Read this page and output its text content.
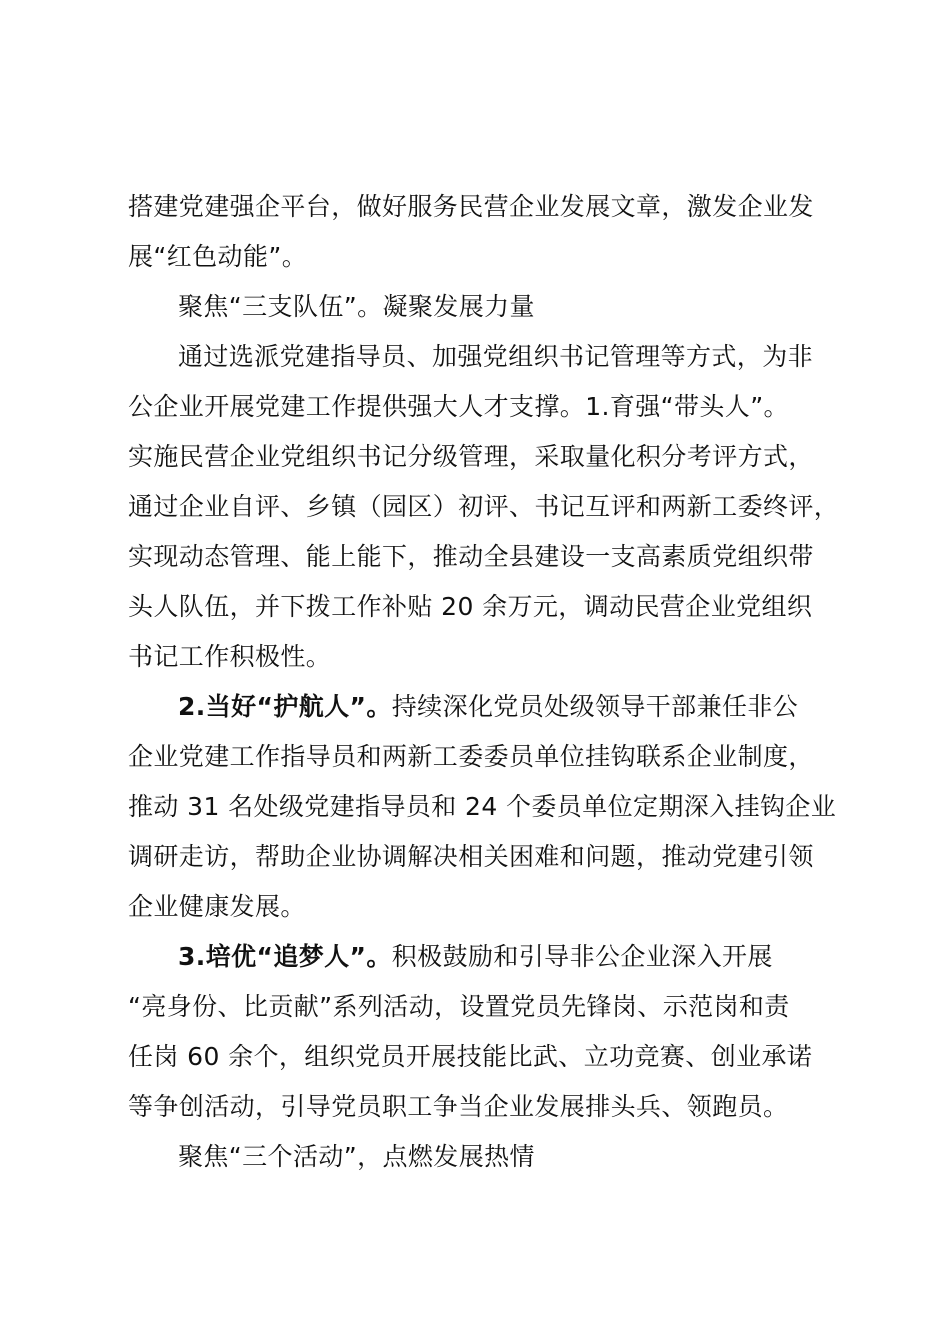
搭建党建强企平台，做好服务民营企业发展文章，激发企业发
展“红色动能”。
聚焦“三支队伍”。凝聚发展力量
通过选派党建指导员、加强党组织书记管理等方式，为非
公企业开展党建工作提供强大人才支撑。1.育强“带头人”。
实施民营企业党组织书记分级管理，采取量化积分考评方式，
通过企业自评、乡镇（园区）初评、书记互评和两新工委终评，
实现动态管理、能上能下，推动全县建设一支高素质党组织带
头人队伍，并下拨工作补贴 20 余万元，调动民营企业党组织
书记工作积极性。
2.当好“护航人”。持续深化党员处级领导干部兼任非公
企业党建工作指导员和两新工委委员单位挂钩联系企业制度，
推动 31 名处级党建指导员和 24 个委员单位定期深入挂钩企业
调研走访，帮助企业协调解决相关困难和问题，推动党建引领
企业健康发展。
3.培优“追梦人”。积极鼓励和引导非公企业深入开展
“亮身份、比贡献”系列活动，设置党员先锋岗、示范岗和责
任岗 60 余个，组织党员开展技能比武、立功竞赛、创业承诺
等争创活动，引导党员职工争当企业发展排头兵、领跑员。
聚焦“三个活动”，点燃发展热情
